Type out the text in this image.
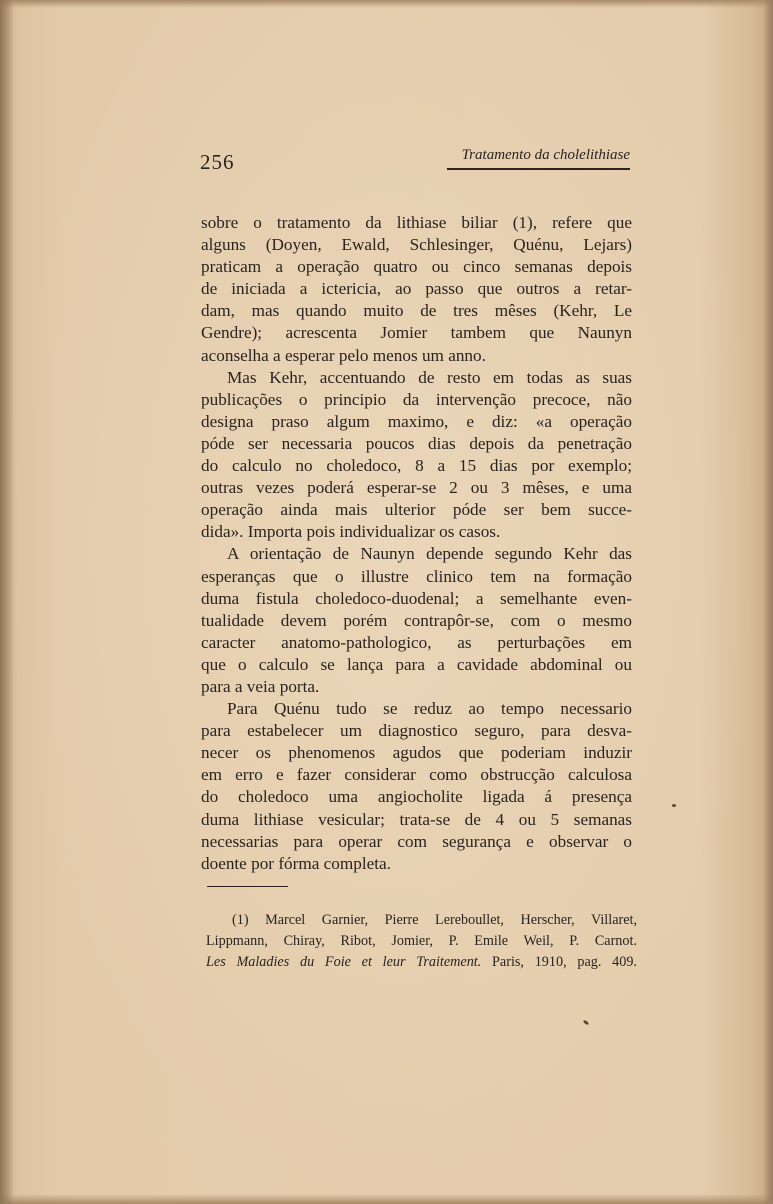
256	Tratamento da cholelithiase
sobre o tratamento da lithiase biliar (1), refere que
alguns (Doyen, Ewald, Schlesinger, Quénu, Lejars)
praticam a operação quatro ou cinco semanas depois
de iniciada a ictericia, ao passo que outros a retar-
dam, mas quando muito de tres mêses (Kehr, Le
Gendre); acrescenta Jomier tambem que Naunyn
aconselha a esperar pelo menos um anno.
Mas Kehr, accentuando de resto em todas as suas
publicações o principio da intervenção precoce, não
designa praso algum maximo, e diz: «a operação
póde ser necessaria poucos dias depois da penetração
do calculo no choledoco, 8 a 15 dias por exemplo;
outras vezes poderá esperar-se 2 ou 3 mêses, e uma
operação ainda mais ulterior póde ser bem succe-
dida». Importa pois individualizar os casos.
A orientação de Naunyn depende segundo Kehr das
esperanças que o illustre clinico tem na formação
duma fistula choledoco-duodenal; a semelhante even-
tualidade devem porém contrapôr-se, com o mesmo
caracter anatomo-pathologico, as perturbações em
que o calculo se lança para a cavidade abdominal ou
para a veia porta.
Para Quénu tudo se reduz ao tempo necessario
para estabelecer um diagnostico seguro, para desva-
necer os phenomenos agudos que poderiam induzir
em erro e fazer considerar como obstrucção calculosa
do choledoco uma angiocholite ligada á presença
duma lithiase vesicular; trata-se de 4 ou 5 semanas
necessarias para operar com segurança e observar o
doente por fórma completa.
(1) Marcel Garnier, Pierre Lereboullet, Herscher, Villaret,
Lippmann, Chiray, Ribot, Jomier, P. Emile Weil, P. Carnot.
Les Maladies du Foie et leur Traitement. Paris, 1910, pag. 409.
